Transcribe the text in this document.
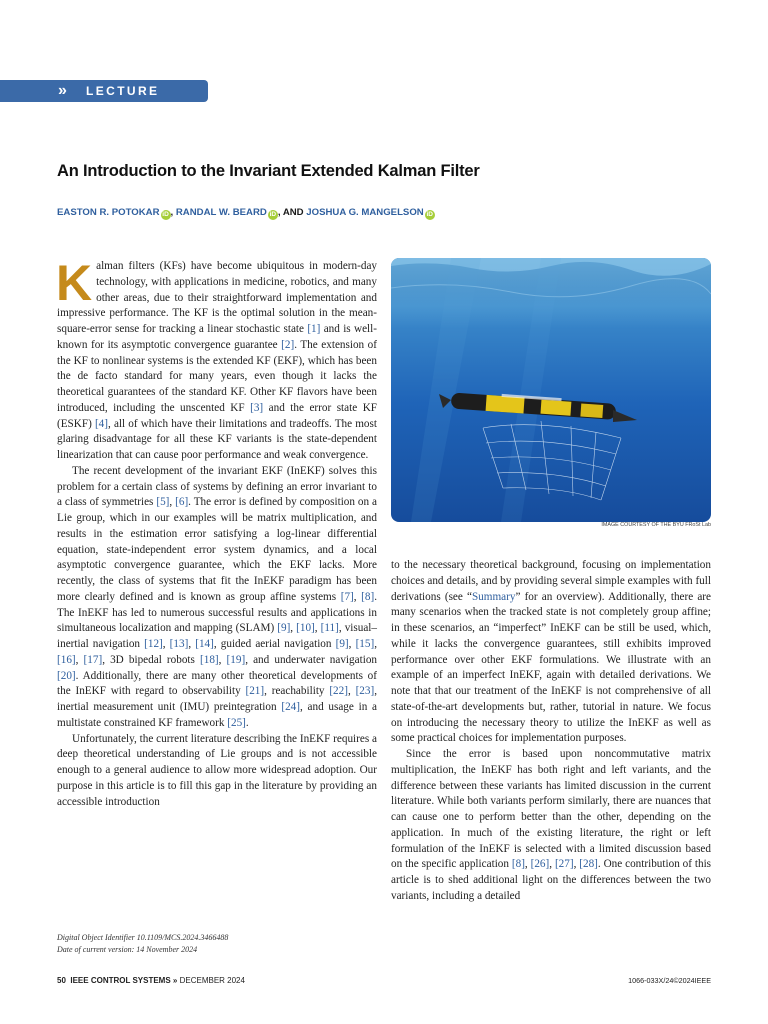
» LECTURE NOTES
An Introduction to the Invariant Extended Kalman Filter
EASTON R. POTOKAR iD , RANDAL W. BEARD iD , AND JOSHUA G. MANGELSON iD

Kalman filters (KFs) have become ubiquitous in modern-day technology, with applications in medicine, robotics, and many other areas, due to their straightforward implementation and impressive performance. The KF is the optimal solution in the mean-square-error sense for tracking a linear stochastic state [1] and is well-known for its asymptotic convergence guarantee [2]. The extension of the KF to nonlinear systems is the extended KF (EKF), which has been the de facto standard for many years, even though it lacks the theoretical guarantees of the standard KF. Other KF flavors have been introduced, including the unscented KF [3] and the error state KF (ESKF) [4], all of which have their limitations and tradeoffs. The most glaring disadvantage for all these KF variants is the state-dependent linearization that can cause poor performance and weak convergence.

The recent development of the invariant EKF (InEKF) solves this problem for a certain class of systems by defining an error invariant to a class of symmetries [5], [6]. The error is defined by composition on a Lie group, which in our examples will be matrix multiplication, and results in the estimation error satisfying a log-linear differential equation, state-independent error system dynamics, and a local asymptotic convergence guarantee, which the EKF lacks. More recently, the class of systems that fit the InEKF paradigm has been more clearly defined and is known as group affine systems [7], [8]. The InEKF has led to numerous successful results and applications in simultaneous localization and mapping (SLAM) [9], [10], [11], visual–inertial navigation [12], [13], [14], guided aerial navigation [9], [15], [16], [17], 3D bipedal robots [18], [19], and underwater navigation [20]. Additionally, there are many other theoretical developments of the InEKF with regard to observability [21], reachability [22], [23], inertial measurement unit (IMU) preintegration [24], and usage in a multistate constrained KF framework [25].

Unfortunately, the current literature describing the InEKF requires a deep theoretical understanding of Lie groups and is not accessible enough to a general audience to allow more widespread adoption. Our purpose in this article is to fill this gap in the literature by providing an accessible introduction

IMAGE COURTESY OF THE BYU FRoSt Lab

to the necessary theoretical background, focusing on implementation choices and details, and by providing several simple examples with full derivations (see “Summary” for an overview). Additionally, there are many scenarios when the tracked state is not completely group affine; in these scenarios, an “imperfect” InEKF can be still be used, which, while it lacks the convergence guarantees, still exhibits improved performance over other EKF formulations. We illustrate with an example of an imperfect InEKF, again with detailed derivations. We note that that our treatment of the InEKF is not comprehensive of all state-of-the-art developments but, rather, tutorial in nature. We focus on introducing the necessary theory to utilize the InEKF as well as some practical choices for implementation purposes.

Since the error is based upon noncommutative matrix multiplication, the InEKF has both right and left variants, and the difference between these variants has limited discussion in the current literature. While both variants perform similarly, there are nuances that can cause one to perform better than the other, depending on the application. In much of the existing literature, the right or left formulation of the InEKF is selected with a limited discussion based on the specific application [8], [26], [27], [28]. One contribution of this article is to shed additional light on the differences between the two variants, including a detailed

Digital Object Identifier 10.1109/MCS.2024.3466488
Date of current version: 14 November 2024
50 IEEE CONTROL SYSTEMS » DECEMBER 2024	1066-033X/24©2024IEEE
